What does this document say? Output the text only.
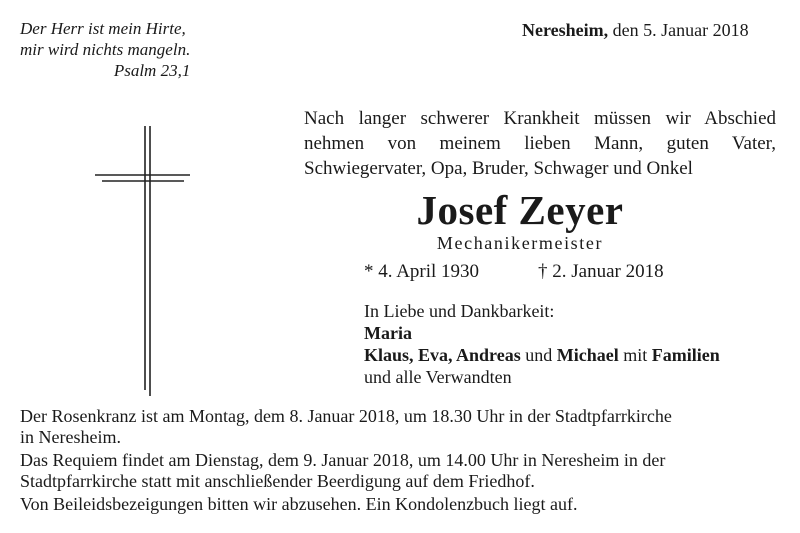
Der Herr ist mein Hirte,
mir wird nichts mangeln.
Psalm 23,1
Neresheim, den 5. Januar 2018

Nach langer schwerer Krankheit müssen wir Abschied nehmen von meinem lieben Mann, guten Vater, Schwiegervater, Opa, Bruder, Schwager und Onkel

Josef Zeyer
Mechanikermeister
* 4. April 1930	† 2. Januar 2018
In Liebe und Dankbarkeit:
Maria
Klaus, Eva, Andreas und Michael mit Familien
und alle Verwandten
Der Rosenkranz ist am Montag, dem 8. Januar 2018, um 18.30 Uhr in der Stadtpfarrkirche
in Neresheim.
Das Requiem findet am Dienstag, dem 9. Januar 2018, um 14.00 Uhr in Neresheim in der
Stadtpfarrkirche statt mit anschließender Beerdigung auf dem Friedhof.
Von Beileidsbezeigungen bitten wir abzusehen. Ein Kondolenzbuch liegt auf.
